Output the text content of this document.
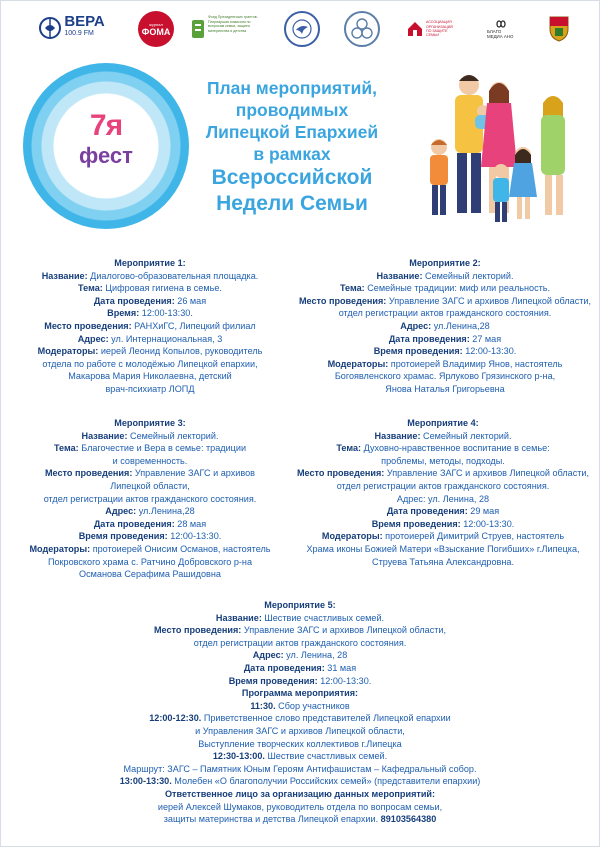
ВЕРА
100.9 FM
журнал
ФОМА
Фонд Президентских грантов. Патриаршая комиссия по вопросам семьи, защиты материнства и детства
АССОЦИАЦИЯ ОРГАНИЗАЦИЙ ПО ЗАЩИТЕ СЕМЬИ
БЛАГО МЕДИА АНО
7я
фест
План мероприятий,
проводимых
Липецкой Епархией
в рамках
Всероссийской
Недели Семьи
Мероприятие 1:
Название: Диалогово-образовательная площадка.
Тема: Цифровая гигиена в семье.
Дата проведения: 26 мая
Время: 12:00-13:30.
Место проведения: РАНХиГС, Липецкий филиал
Адрес: ул. Интернациональная, 3
Модераторы: иерей Леонид Копылов, руководитель
отдела по работе с молодёжью Липецкой епархии,
Макарова Мария Николаевна, детский
врач-психиатр ЛОПД
Мероприятие 2:
Название: Семейный лекторий.
Тема: Семейные традиции: миф или реальность.
Место проведения: Управление ЗАГС и архивов Липецкой области,
отдел регистрации актов гражданского состояния.
Адрес: ул.Ленина,28
Дата проведения: 27 мая
Время проведения: 12:00-13:30.
Модераторы: протоиерей Владимир Янов, настоятель
Богоявленского храмас. Ярлуково Грязинского р-на,
Янова Наталья Григорьевна
Мероприятие 3:
Название: Семейный лекторий.
Тема: Благочестие и Вера в семье: традиции
и современность.
Место проведения: Управление ЗАГС и архивов
Липецкой области,
отдел регистрации актов гражданского состояния.
Адрес: ул.Ленина,28
Дата проведения: 28 мая
Время проведения: 12:00-13:30.
Модераторы: протоиерей Онисим Османов, настоятель
Покровского храма с. Ратчино Добровского р-на
Османова Серафима Рашидовна
Мероприятие 4:
Название: Семейный лекторий.
Тема: Духовно-нравственное воспитание в семье:
проблемы, методы, подходы.
Место проведения: Управление ЗАГС и архивов Липецкой области,
отдел регистрации актов гражданского состояния.
Адрес: ул. Ленина, 28
Дата проведения: 29 мая
Время проведения: 12:00-13:30.
Модераторы: протоиерей Димитрий Струев, настоятель
Храма иконы Божией Матери «Взыскание Погибших» г.Липецка,
Струева Татьяна Александровна.
Мероприятие 5:
Название: Шествие счастливых семей.
Место проведения: Управление ЗАГС и архивов Липецкой области,
отдел регистрации актов гражданского состояния.
Адрес: ул. Ленина, 28
Дата проведения: 31 мая
Время проведения: 12:00-13:30.
Программа мероприятия:
11:30. Сбор участников
12:00-12:30. Приветственное слово представителей Липецкой епархии
и Управления ЗАГС и архивов Липецкой области,
Выступление творческих коллективов г.Липецка
12:30-13:00. Шествие счастливых семей.
Маршрут: ЗАГС – Памятник Юным Героям Антифашистам – Кафедральный собор.
13:00-13:30. Молебен «О благополучии Российских семей» (представители епархии)
Ответственное лицо за организацию данных мероприятий:
иерей Алексей Шумаков, руководитель отдела по вопросам семьи,
защиты материнства и детства Липецкой епархии. 89103564380
